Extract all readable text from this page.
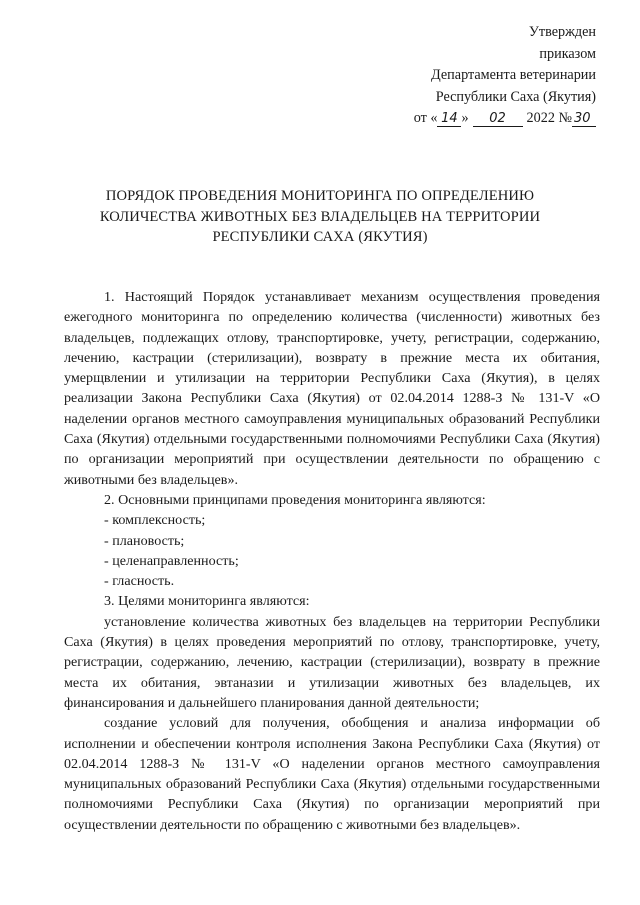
Утвержден
приказом
Департамента ветеринарии
Республики Саха (Якутия)
от « 14 » 02 2022 № 30
ПОРЯДОК ПРОВЕДЕНИЯ МОНИТОРИНГА ПО ОПРЕДЕЛЕНИЮ
КОЛИЧЕСТВА ЖИВОТНЫХ БЕЗ ВЛАДЕЛЬЦЕВ НА ТЕРРИТОРИИ
РЕСПУБЛИКИ САХА (ЯКУТИЯ)

1. Настоящий Порядок устанавливает механизм осуществления проведения ежегодного мониторинга по определению количества (численности) животных без владельцев, подлежащих отлову, транспортировке, учету, регистрации, содержанию, лечению, кастрации (стерилизации), возврату в прежние места их обитания, умерщвлении и утилизации на территории Республики Саха (Якутия), в целях реализации Закона Республики Саха (Якутия) от 02.04.2014 1288-З № 131-V «О наделении органов местного самоуправления муниципальных образований Республики Саха (Якутия) отдельными государственными полномочиями Республики Саха (Якутия) по организации мероприятий при осуществлении деятельности по обращению с животными без владельцев».

2. Основными принципами проведения мониторинга являются:

- комплексность;

- плановость;

- целенаправленность;

- гласность.

3. Целями мониторинга являются:

установление количества животных без владельцев на территории Республики Саха (Якутия) в целях проведения мероприятий по отлову, транспортировке, учету, регистрации, содержанию, лечению, кастрации (стерилизации), возврату в прежние места их обитания, эвтаназии и утилизации животных без владельцев, их финансирования и дальнейшего планирования данной деятельности;

создание условий для получения, обобщения и анализа информации об исполнении и обеспечении контроля исполнения Закона Республики Саха (Якутия) от 02.04.2014 1288-З № 131-V «О наделении органов местного самоуправления муниципальных образований Республики Саха (Якутия) отдельными государственными полномочиями Республики Саха (Якутия) по организации мероприятий при осуществлении деятельности по обращению с животными без владельцев».
